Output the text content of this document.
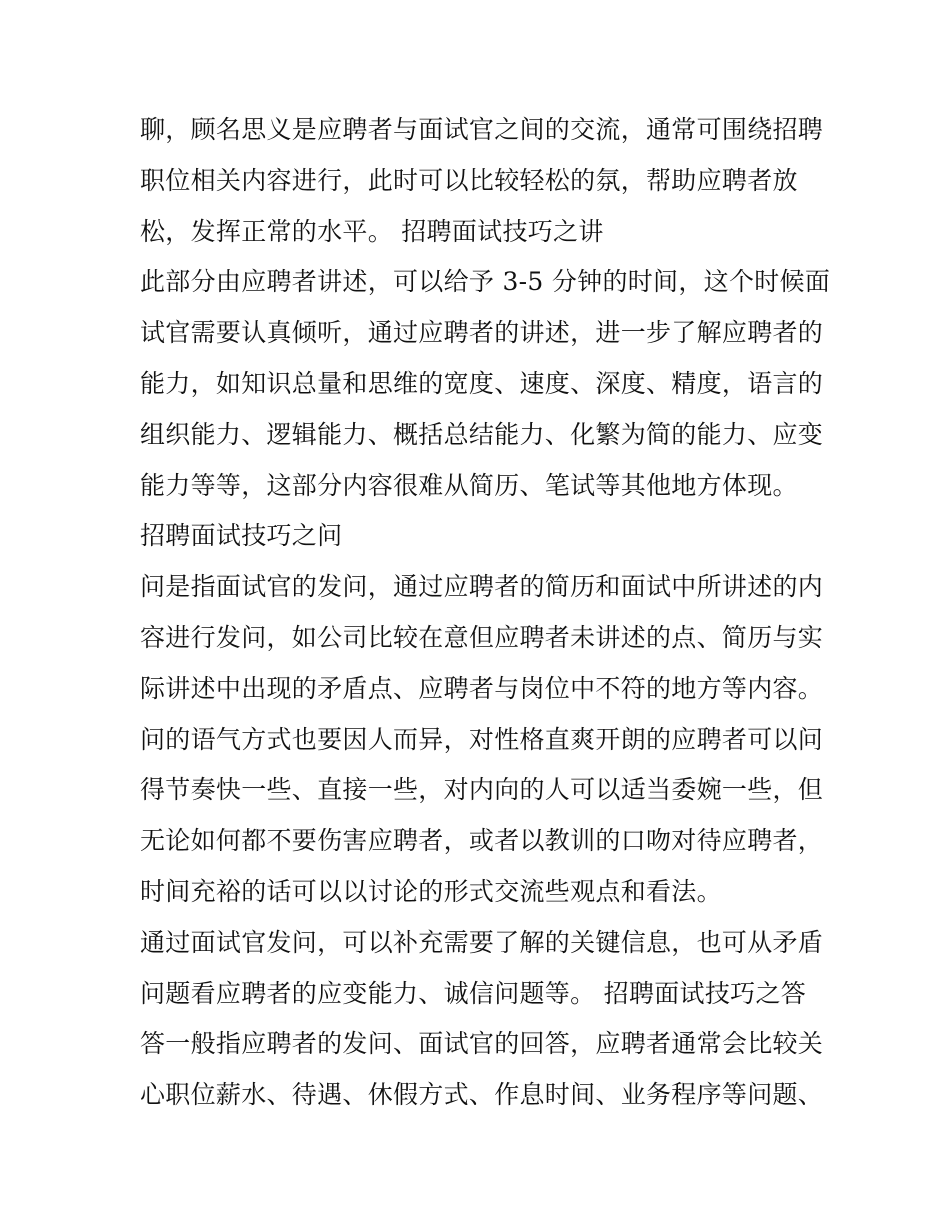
聊，顾名思义是应聘者与面试官之间的交流，通常可围绕招聘
职位相关内容进行，此时可以比较轻松的氛，帮助应聘者放
松，发挥正常的水平。 招聘面试技巧之讲
此部分由应聘者讲述，可以给予 3-5 分钟的时间，这个时候面
试官需要认真倾听，通过应聘者的讲述，进一步了解应聘者的
能力，如知识总量和思维的宽度、速度、深度、精度，语言的
组织能力、逻辑能力、概括总结能力、化繁为简的能力、应变
能力等等，这部分内容很难从简历、笔试等其他地方体现。
招聘面试技巧之问
问是指面试官的发问，通过应聘者的简历和面试中所讲述的内
容进行发问，如公司比较在意但应聘者未讲述的点、简历与实
际讲述中出现的矛盾点、应聘者与岗位中不符的地方等内容。
问的语气方式也要因人而异，对性格直爽开朗的应聘者可以问
得节奏快一些、直接一些，对内向的人可以适当委婉一些，但
无论如何都不要伤害应聘者，或者以教训的口吻对待应聘者，
时间充裕的话可以以讨论的形式交流些观点和看法。
通过面试官发问，可以补充需要了解的关键信息，也可从矛盾
问题看应聘者的应变能力、诚信问题等。 招聘面试技巧之答
答一般指应聘者的发问、面试官的回答，应聘者通常会比较关
心职位薪水、待遇、休假方式、作息时间、业务程序等问题、
